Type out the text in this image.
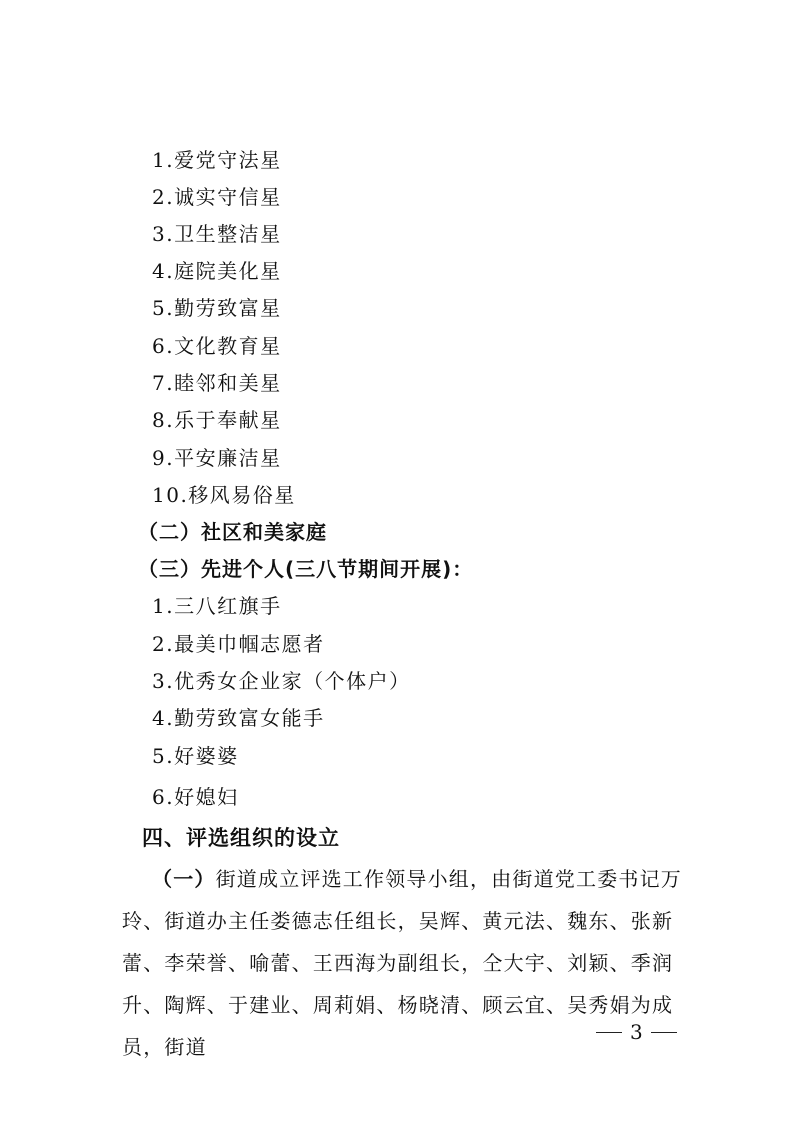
1.爱党守法星
2.诚实守信星
3.卫生整洁星
4.庭院美化星
5.勤劳致富星
6.文化教育星
7.睦邻和美星
8.乐于奉献星
9.平安廉洁星
10.移风易俗星
（二）社区和美家庭
（三）先进个人(三八节期间开展)：
1.三八红旗手
2.最美巾帼志愿者
3.优秀女企业家（个体户）
4.勤劳致富女能手
5.好婆婆
6.好媳妇
四、评选组织的设立
（一）街道成立评选工作领导小组，由街道党工委书记万玲、街道办主任娄德志任组长，吴辉、黄元法、魏东、张新蕾、李荣誉、喻蕾、王西海为副组长，仝大宇、刘颖、季润升、陶辉、于建业、周莉娟、杨晓清、顾云宜、吴秀娟为成员，街道
3
